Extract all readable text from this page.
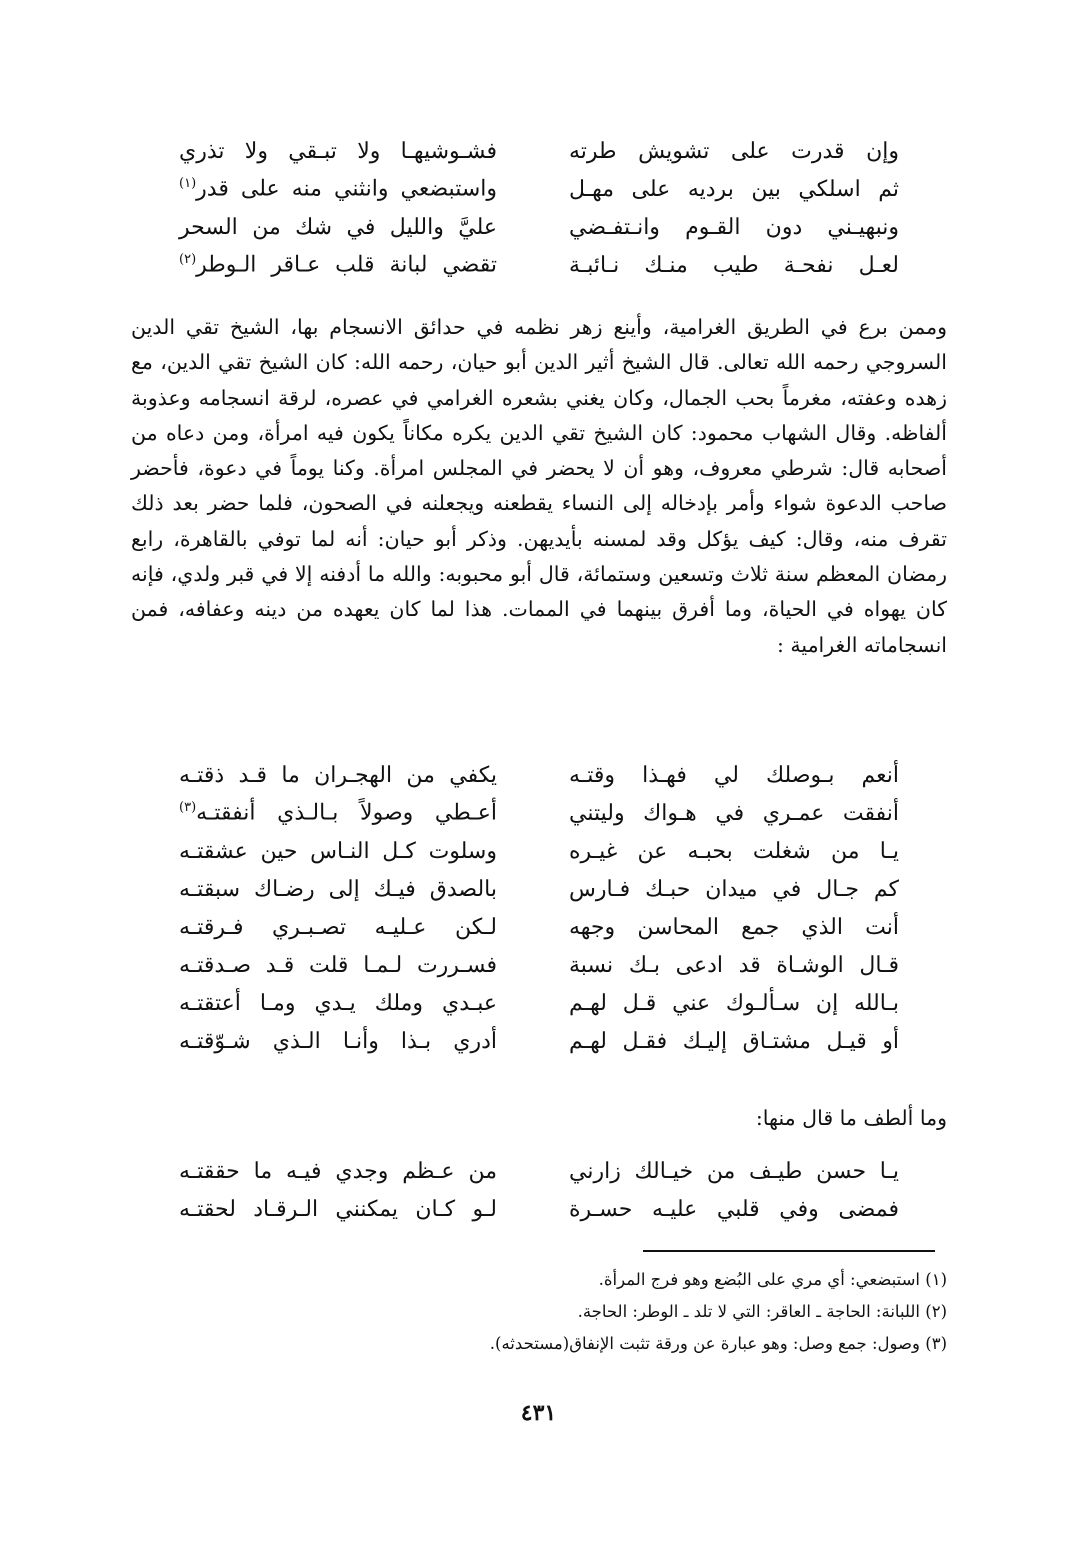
وإن قدرت على تشويش طرته
فشـوشيهـا ولا تبـقي ولا تذري
ثم اسلكي بين برديه على مهـل
واستبضعي وانثني منه على قدر$^{(١)}$
ونبهيـني دون القـوم وانـتفـضي
عليَّ والليل في شك من السحر
لعـل نفحـة طيب منـك نـائبـة
تقضي لبانة قلب عـاقر الـوطر$^{(٢)}$
وممن برع في الطريق الغرامية، وأينع زهر نظمه في حدائق الانسجام بها، الشيخ تقي الدين السروجي رحمه الله تعالى. قال الشيخ أثير الدين أبو حيان، رحمه الله: كان الشيخ تقي الدين، مع زهده وعفته، مغرماً بحب الجمال، وكان يغني بشعره الغرامي في عصره، لرقة انسجامه وعذوبة ألفاظه. وقال الشهاب محمود: كان الشيخ تقي الدين يكره مكاناً يكون فيه امرأة، ومن دعاه من أصحابه قال: شرطي معروف، وهو أن لا يحضر في المجلس امرأة. وكنا يوماً في دعوة، فأحضر صاحب الدعوة شواء وأمر بإدخاله إلى النساء يقطعنه ويجعلنه في الصحون، فلما حضر بعد ذلك تقرف منه، وقال: كيف يؤكل وقد لمسنه بأيديهن. وذكر أبو حيان: أنه لما توفي بالقاهرة، رابع رمضان المعظم سنة ثلاث وتسعين وستمائة، قال أبو محبوبه: والله ما أدفنه إلا في قبر ولدي، فإنه كان يهواه في الحياة، وما أفرق بينهما في الممات. هذا لما كان يعهده من دينه وعفافه، فمن انسجاماته الغرامية :
أنعم بـوصلك لي فهـذا وقتـه
يكفي من الهجـران ما قـد ذقتـه
أنفقت عمـري في هـواك وليتني
أعـطي وصولاً بـالـذي أنفقتـه$^{(٣)}$
يـا من شغلت بحبـه عن غيـره
وسلوت كـل النـاس حين عشقتـه
كم جـال في ميدان حبـك فـارس
بالصدق فيـك إلى رضـاك سبقتـه
أنت الذي جمع المحاسن وجهه
لـكن عـليـه تصـبـري فـرقتـه
قـال الوشـاة قد ادعى بـك نسبة
فسـررت لـمـا قلت قـد صـدقتـه
بـالله إن سـألـوك عني قـل لهـم
عبـدي وملك يـدي ومـا أعتقتـه
أو قيـل مشتـاق إليـك فقـل لهـم
أدري بـذا وأنـا الـذي شـوّقتـه
وما ألطف ما قال منها:
يـا حسن طيـف من خيـالك زارني
من عـظم وجدي فيـه ما حققتـه
فمضى وفي قلبي عليـه حسـرة
لـو كـان يمكنني الـرقـاد لحقتـه
(١) استبضعي: أي مري على البُضع وهو فرج المرأة.
(٢) اللبانة: الحاجة ـ العاقر: التي لا تلد ـ الوطر: الحاجة.
(٣) وصول: جمع وصل: وهو عبارة عن ورقة تثبت الإنفاق(مستحدثه).
٤٣١
